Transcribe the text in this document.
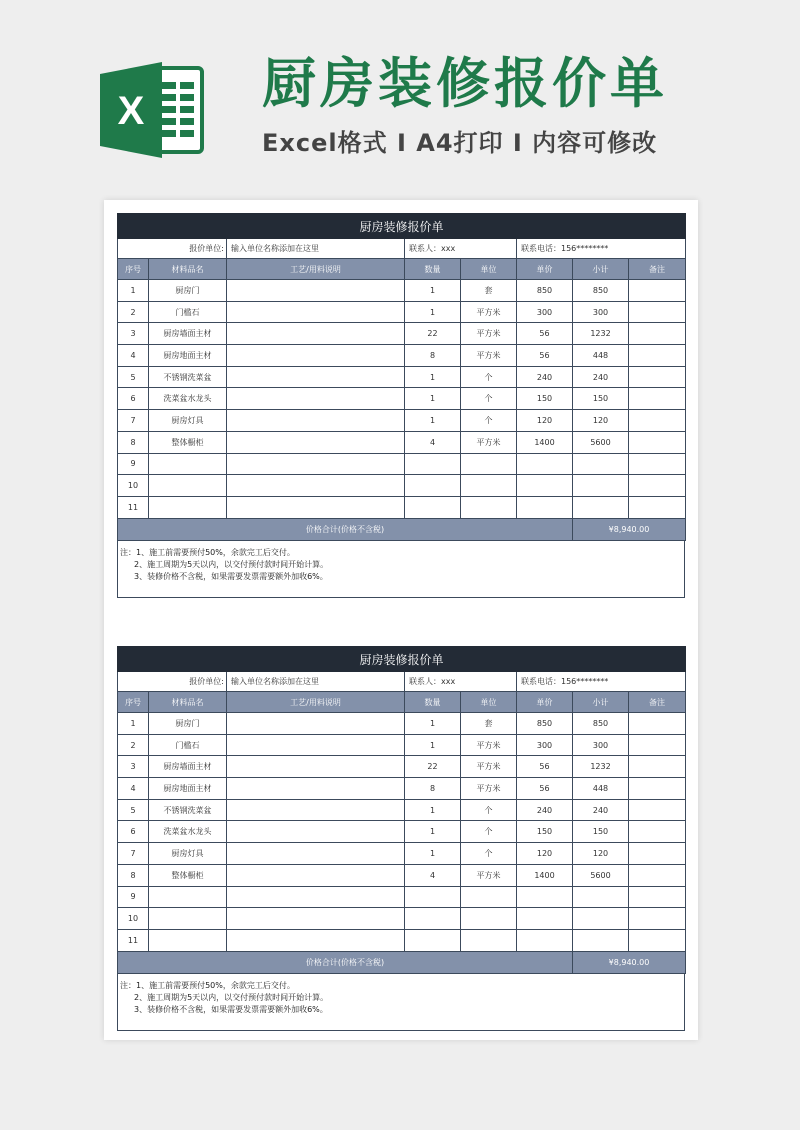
X 厨房装修报价单
Excel格式 I A4打印 I 内容可修改
厨房装修报价单							
报价单位:		输入单位名称添加在这里	联系人：xxx		联系电话：156********		
序号	材料品名	工艺/用料说明	数量	单位	单价	小计	备注
1	厨房门		1	套	850	850	
2	门槛石		1	平方米	300	300	
3	厨房墙面主材		22	平方米	56	1232	
4	厨房地面主材		8	平方米	56	448	
5	不锈钢洗菜盆		1	个	240	240	
6	洗菜盆水龙头		1	个	150	150	
7	厨房灯具		1	个	120	120	
8	整体橱柜		4	平方米	1400	5600	
9							
10							
11							
价格合计(价格不含税)						¥8,940.00	
注：1、施工前需要预付50%，余款完工后交付。
2、施工周期为5天以内，以交付预付款时间开始计算。
3、装修价格不含税，如果需要发票需要额外加收6%。
厨房装修报价单							
报价单位:		输入单位名称添加在这里	联系人：xxx		联系电话：156********		
序号	材料品名	工艺/用料说明	数量	单位	单价	小计	备注
1	厨房门		1	套	850	850	
2	门槛石		1	平方米	300	300	
3	厨房墙面主材		22	平方米	56	1232	
4	厨房地面主材		8	平方米	56	448	
5	不锈钢洗菜盆		1	个	240	240	
6	洗菜盆水龙头		1	个	150	150	
7	厨房灯具		1	个	120	120	
8	整体橱柜		4	平方米	1400	5600	
9							
10							
11							
价格合计(价格不含税)						¥8,940.00	
注：1、施工前需要预付50%，余款完工后交付。
2、施工周期为5天以内，以交付预付款时间开始计算。
3、装修价格不含税，如果需要发票需要额外加收6%。
